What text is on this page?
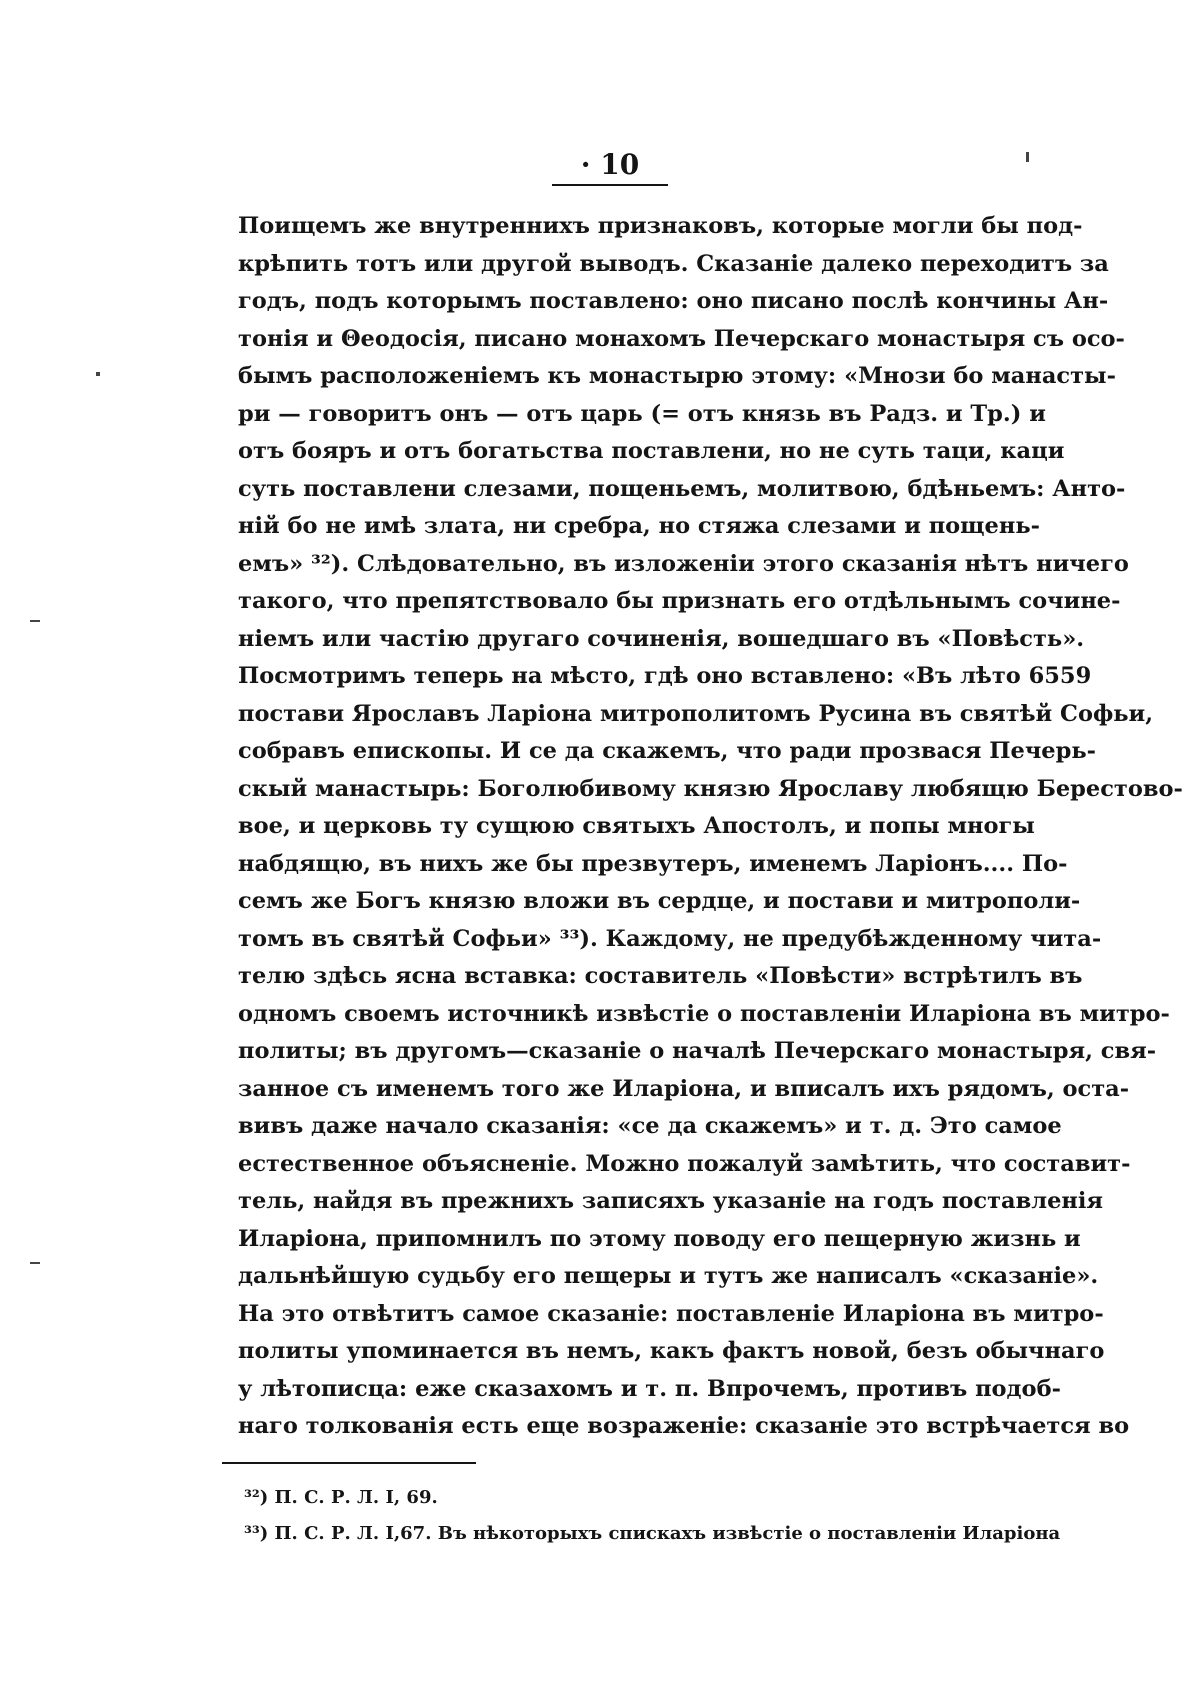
· 10
Поищемъ же внутреннихъ признаковъ, которые могли бы под-
крѣпить тотъ или другой выводъ. Сказаніе далеко переходитъ за
годъ, подъ которымъ поставлено: оно писано послѣ кончины Ан-
тонія и Θеодосія, писано монахомъ Печерскаго монастыря съ осо-
бымъ расположеніемъ къ монастырю этому: «Мнози бо манасты-
ри — говоритъ онъ — отъ царь (= отъ князь въ Радз. и Тр.) и
отъ бояръ и отъ богатьства поставлени, но не суть таци, каци
суть поставлени слезами, пощеньемъ, молитвою, бдѣньемъ: Анто-
ній бо не имѣ злата, ни сребра, но стяжа слезами и пощень-
емъ» ³²). Слѣдовательно, въ изложеніи этого сказанія нѣтъ ничего
такого, что препятствовало бы признать его отдѣльнымъ сочине-
ніемъ или частію другаго сочиненія, вошедшаго въ «Повѣсть».
Посмотримъ теперь на мѣсто, гдѣ оно вставлено: «Въ лѣто 6559
постави Ярославъ Ларіона митрополитомъ Русина въ святѣй Софьи,
собравъ епископы. И се да скажемъ, что ради прозвася Печерь-
скый манастырь: Боголюбивому князю Ярославу любящю Берестово-
вое, и церковь ту сущюю святыхъ Апостолъ, и попы многы
набдящю, въ нихъ же бы презвутеръ, именемъ Ларіонъ.... По-
семъ же Богъ князю вложи въ сердце, и постави и митрополи-
томъ въ святѣй Софьи» ³³). Каждому, не предубѣжденному чита-
телю здѣсь ясна вставка: составитель «Повѣсти» встрѣтилъ въ
одномъ своемъ источникѣ извѣстіе о поставленіи Иларіона въ митро-
политы; въ другомъ—сказаніе о началѣ Печерскаго монастыря, свя-
занное съ именемъ того же Иларіона, и вписалъ ихъ рядомъ, оста-
вивъ даже начало сказанія: «се да скажемъ» и т. д. Это самое
естественное объясненіе. Можно пожалуй замѣтить, что составит-
тель, найдя въ прежнихъ записяхъ указаніе на годъ поставленія
Иларіона, припомнилъ по этому поводу его пещерную жизнь и
дальнѣйшую судьбу его пещеры и тутъ же написалъ «сказаніе».
На это отвѣтитъ самое сказаніе: поставленіе Иларіона въ митро-
политы упоминается въ немъ, какъ фактъ новой, безъ обычнаго
у лѣтописца: еже сказахомъ и т. п. Впрочемъ, противъ подоб-
наго толкованія есть еще возраженіе: сказаніе это встрѣчается во
³²) П. С. Р. Л. I, 69.
³³) П. С. Р. Л. I,67. Въ нѣкоторыхъ спискахъ извѣстіе о поставленіи Иларіона
